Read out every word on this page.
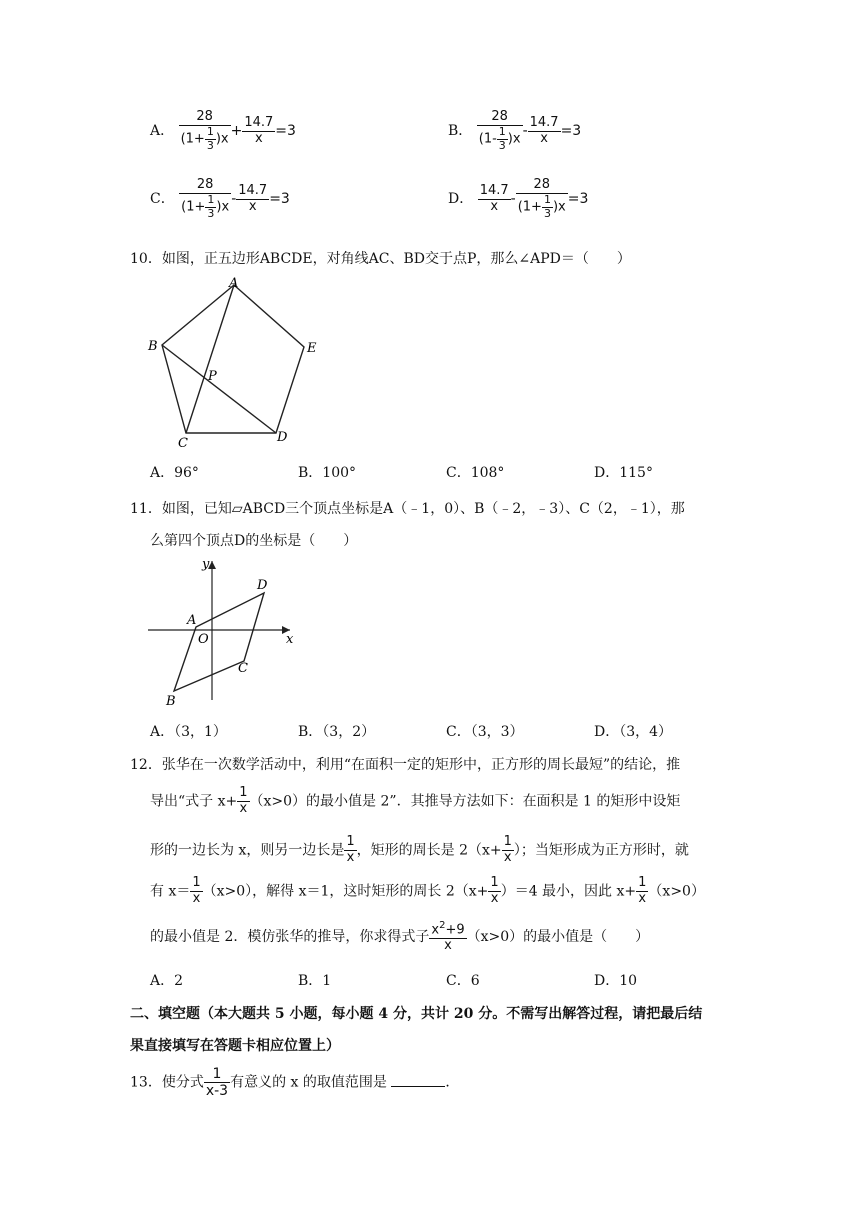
A． $\frac{28}{(1+ \frac{1}{3} )x} + \frac{14.7}{x} =3$	B． $\frac{28}{(1- \frac{1}{3} )x} - \frac{14.7}{x} =3$
C． $\frac{28}{(1+ \frac{1}{3} )x} - \frac{14.7}{x} =3$	D． $\frac{14.7}{x} - \frac{28}{(1+ \frac{1}{3} )x} =3$
10．如图，正五边形ABCDE，对角线AC、BD交于点P，那么∠APD＝（　　）
A
B
C	D
E
P
A．96°	B．100°	C．108°	D．115°
11．如图，已知▱ABCD三个顶点坐标是A（﹣1，0）、B（﹣2，﹣3）、C（2，﹣1），那
么第四个顶点D的坐标是（　　）
y
x
A
O
D
C
B
A．（3，1）	B．（3，2）	C．（3，3）	D．（3，4）
12．张华在一次数学活动中，利用“在面积一定的矩形中，正方形的周长最短”的结论，推
导出“式子 $x+ \frac{1}{x} (x>0)$的最小值是 2”．其推导方法如下：在面积是 1 的矩形中设矩
形的一边长为 x，则另一边长是 $\frac{1}{x}$ ，矩形的周长是 $2(x+ \frac{1}{x}$ ）；当矩形成为正方形时，就
有 $x= \frac{1}{x} (x>0)$，解得 x＝1，这时矩形的周长 $2(x+ \frac{1}{x} )=4$ 最小，因此 $x+ \frac{1}{x} (x>0)$
的最小值是 2．模仿张华的推导，你求得式子 $\frac{x^2+9}{x} (x>0)$的最小值是（　　）
A．2	B．1	C．6	D．10
二、填空题（本大题共 5 小题，每小题 4 分，共计 20 分。不需写出解答过程，请把最后结
果直接填写在答题卡相应位置上）
13．使分式 $\frac{1}{x-3}$ 有意义的 x 的取值范围是	．
